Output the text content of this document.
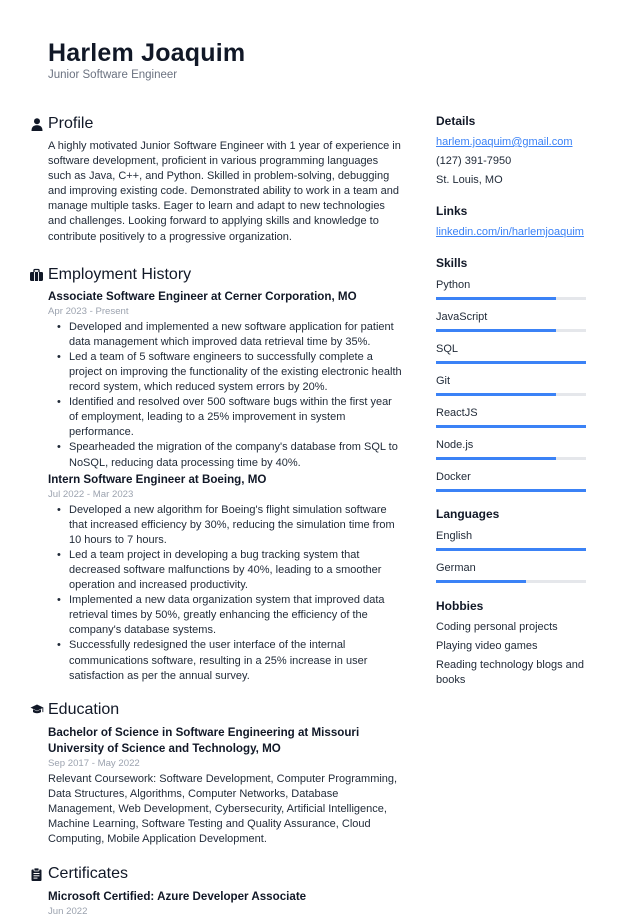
Harlem Joaquim
Junior Software Engineer
Profile

A highly motivated Junior Software Engineer with 1 year of experience in software development, proficient in various programming languages such as Java, C++, and Python. Skilled in problem-solving, debugging and improving existing code. Demonstrated ability to work in a team and manage multiple tasks. Eager to learn and adapt to new technologies and challenges. Looking forward to applying skills and knowledge to contribute positively to a progressive organization.

Employment History
Associate Software Engineer at Cerner Corporation, MO
Apr 2023 - Present
• Developed and implemented a new software application for patient data management which improved data retrieval time by 35%.
• Led a team of 5 software engineers to successfully complete a project on improving the functionality of the existing electronic health record system, which reduced system errors by 20%.
• Identified and resolved over 500 software bugs within the first year of employment, leading to a 25% improvement in system performance.
• Spearheaded the migration of the company's database from SQL to NoSQL, reducing data processing time by 40%.
Intern Software Engineer at Boeing, MO
Jul 2022 - Mar 2023
• Developed a new algorithm for Boeing's flight simulation software that increased efficiency by 30%, reducing the simulation time from 10 hours to 7 hours.
• Led a team project in developing a bug tracking system that decreased software malfunctions by 40%, leading to a smoother operation and increased productivity.
• Implemented a new data organization system that improved data retrieval times by 50%, greatly enhancing the efficiency of the company's database systems.
• Successfully redesigned the user interface of the internal communications software, resulting in a 25% increase in user satisfaction as per the annual survey.
Education
Bachelor of Science in Software Engineering at Missouri University of Science and Technology, MO
Sep 2017 - May 2022

Relevant Coursework: Software Development, Computer Programming, Data Structures, Algorithms, Computer Networks, Database Management, Web Development, Cybersecurity, Artificial Intelligence, Machine Learning, Software Testing and Quality Assurance, Cloud Computing, Mobile Application Development.

Certificates
Microsoft Certified: Azure Developer Associate
Jun 2022
Details
harlem.joaquim@gmail.com
(127) 391-7950
St. Louis, MO
Links
linkedin.com/in/harlemjoaquim
Skills
Python
JavaScript
SQL
Git
ReactJS
Node.js
Docker
Languages
English
German
Hobbies
Coding personal projects
Playing video games
Reading technology blogs and books
